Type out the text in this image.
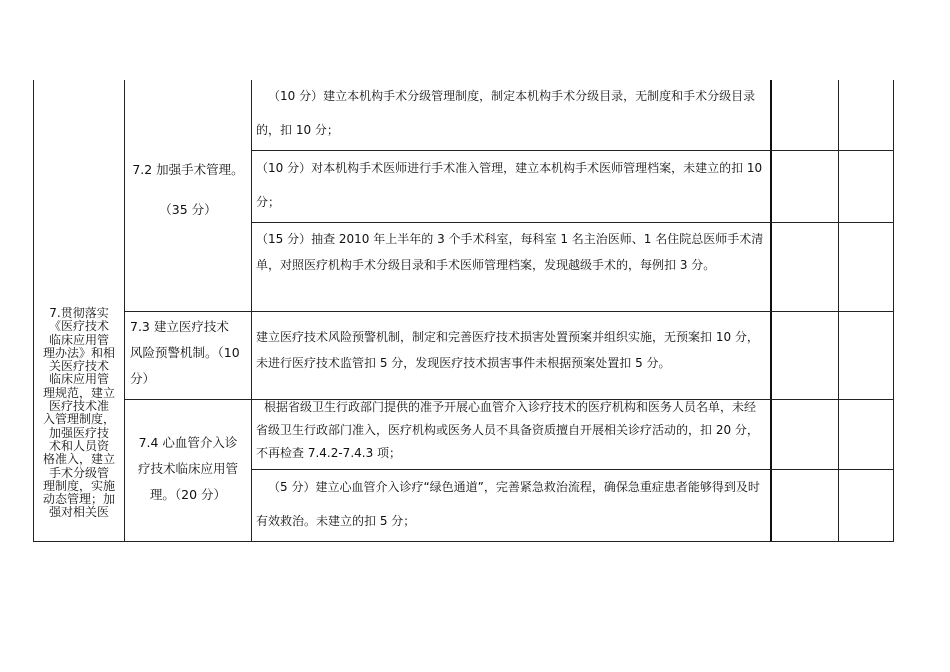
7.贯彻落实
《医疗技术
临床应用管
理办法》和相
关医疗技术
临床应用管
理规范，建立
医疗技术准
入管理制度，
加强医疗技
术和人员资
格准入，建立
手术分级管
理制度，实施
动态管理；加
强对相关医
7.2 加强手术管理。

（35 分）
7.3 建立医疗技术
风险预警机制。（10
分）
7.4 心血管介入诊
疗技术临床应用管
理。（20 分）
（10 分）建立本机构手术分级管理制度，制定本机构手术分级目录，无制度和手术分级目录的，扣 10 分；
（10 分）对本机构手术医师进行手术准入管理，建立本机构手术医师管理档案，未建立的扣 10 分；
（15 分）抽查 2010 年上半年的 3 个手术科室，每科室 1 名主治医师、1 名住院总医师手术清单，对照医疗机构手术分级目录和手术医师管理档案，发现越级手术的，每例扣 3 分。
建立医疗技术风险预警机制，制定和完善医疗技术损害处置预案并组织实施，无预案扣 10 分，未进行医疗技术监管扣 5 分，发现医疗技术损害事件未根据预案处置扣 5 分。
根据省级卫生行政部门提供的准予开展心血管介入诊疗技术的医疗机构和医务人员名单，未经省级卫生行政部门准入，医疗机构或医务人员不具备资质擅自开展相关诊疗活动的，扣 20 分，不再检查 7.4.2-7.4.3 项；
（5 分）建立心血管介入诊疗“绿色通道”，完善紧急救治流程，确保急重症患者能够得到及时有效救治。未建立的扣 5 分；
